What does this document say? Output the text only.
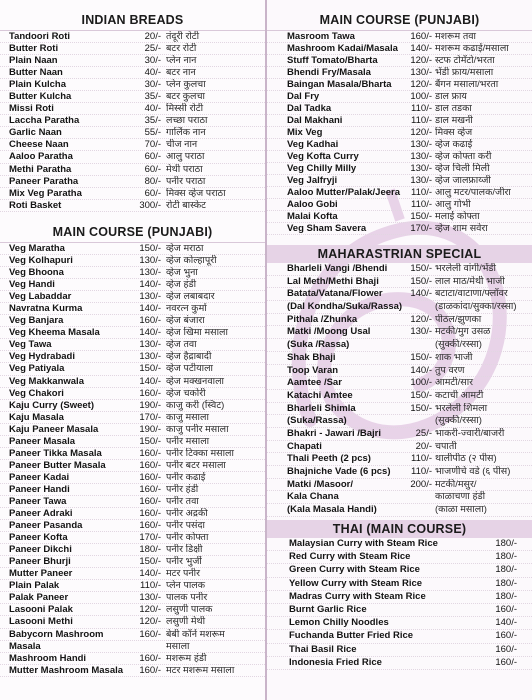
INDIAN BREADS
Tandoori Roti	20/- तंदूरी रोटी
Butter Roti	25/- बटर रोटी
Plain Naan	30/- प्लेन नान
Butter Naan	40/- बटर नान
Plain Kulcha	30/- प्लेन कुलचा
Butter Kulcha	35/- बटर कुलचा
Missi Roti	40/- मिस्सी रोटी
Laccha Paratha	35/- लच्छा पराठा
Garlic Naan	55/- गार्लिक नान
Cheese Naan	70/- चीज नान
Aaloo Paratha	60/- आलु पराठा
Methi Paratha	60/- मेथी पराठा
Paneer Paratha	80/- पनीर पराठा
Mix Veg Paratha	60/- मिक्स व्हेज पराठा
Roti Basket	300/- रोटी बास्केट
MAIN COURSE (PUNJABI)
Veg Maratha	150/- व्हेज मराठा
Veg Kolhapuri	130/- व्हेज कोल्हापूरी
Veg Bhoona	130/- व्हेज भुना
Veg Handi	140/- व्हेज हंडी
Veg Labaddar	130/- व्हेज लबाबदार
Navratna Kurma	140/- नवरत्न कुर्मा
Veg Banjara	160/- व्हेज बंजारा
Veg Kheema Masala	140/- व्हेज खिमा मसाला
Veg Tawa	130/- व्हेज तवा
Veg Hydrabadi	130/- व्हेज हैद्राबादी
Veg Patiyala	150/- व्हेज पटीयाला
Veg Makkanwala	140/- व्हेज मक्खनवाला
Veg Chakori	160/- व्हेज चकोरी
Kaju Curry (Sweet)	190/- काजु करी (स्विट)
Kaju Masala	170/- काजु मसाला
Kaju Paneer Masala	190/- काजु पनीर मसाला
Paneer Masala	150/- पनीर मसाला
Paneer Tikka Masala	160/- पनीर टिक्का मसाला
Paneer Butter Masala	160/- पनीर बटर मसाला
Paneer Kadai	160/- पनीर कढाई
Paneer Handi	160/- पनीर हंडी
Paneer Tawa	160/- पनीर तवा
Paneer Adraki	160/- पनीर अद्रकी
Paneer Pasanda	160/- पनीर पसंदा
Paneer Kofta	170/- पनीर कोफ्ता
Paneer Dikchi	180/- पनीर डिक्षी
Paneer Bhurji	150/- पनीर भुर्जी
Mutter Paneer	140/- मटर पनीर
Plain Palak	110/- प्लेन पालक
Palak Paneer	130/- पालक पनीर
Lasooni Palak	120/- लसुणी पालक
Lasooni Methi	120/- लसुणी मेथी
Babycorn Mashroom	160/- बेबी कॉर्न मशरूम
Masala	मसाला
Mashroom Handi	160/- मशरूम हंडी
Mutter Mashroom Masala	160/- मटर मशरूम मसाला
MAIN COURSE (PUNJABI)
Masroom Tawa	160/- मशरूम तवा
Mashroom Kadai/Masala	140/- मशरूम कढाई/मसाला
Stuff Tomato/Bharta	120/- स्टफ टोमॅटो/भरता
Bhendi Fry/Masala	130/- भेंडी फ्राय/मसाला
Baingan Masala/Bharta	120/- बैंगन मसाला/भरता
Dal Fry	100/- डाल फ्राय
Dal Tadka	110/- डाल तडका
Dal Makhani	110/- डाल मखनी
Mix Veg	120/- मिक्स व्हेज
Veg Kadhai	130/- व्हेज कढाई
Veg Kofta Curry	130/- व्हेज कोफ्ता करी
Veg Chilly Milly	130/- व्हेज चिली मिली
Veg Jalfryji	130/- व्हेज जालफ्राय्जी
Aaloo Mutter/Palak/Jeera	110/- आलु मटर/पालक/जीरा
Aaloo Gobi	110/- आलु गोभी
Malai Kofta	150/- मलाई कोफ्ता
Veg Sham Savera	170/- व्हेज शाम सवेरा
MAHARASTRIAN SPECIAL
Bharleli Vangi /Bhendi	150/- भरलेली वांगी/भेंडी
Lal Meth/Methi Bhaji	150/- लाल माठ/मेथी भाजी
Batata/Vatana/Flower	140/- बटाटा/वाटाणा/फ्लॉवर
(Dal Kondha/Suka/Rassa)	(डाळकांदा/सुक्का/रस्सा)
Pithala /Zhunka	120/- पीठल/झुणका
Matki /Moong Usal	130/- मटकी/मुग उसळ
(Suka /Rassa)	(सुक्की/रस्सा)
Shak Bhaji	150/- शाक भाजी
Toop Varan	140/- तुप वरण
Aamtee /Sar	100/- आमटी/सार
Katachi Amtee	150/- कटाची आमटी
Bharleli Shimla	150/- भरलेली शिमला
(Suka/Rassa)	(सुक्की/रस्सा)
Bhakri - Jawari /Bajri	25/- भाकरी-ज्वारी/बाजरी
Chapati	20/- चपाती
Thali Peeth (2 pcs)	110/- थालीपीठ (२ पीस)
Bhajniche Vade (6 pcs)	110/- भाजणीचे वडे (६ पीस)
Matki /Masoor/	200/- मटकी/मसुर/
Kala Chana	काळाचणा हंडी
(Kala Masala Handi)	(काळा मसाला)
THAI (MAIN COURSE)
Malaysian Curry with Steam Rice	180/-
Red Curry with Steam Rice	180/-
Green Curry with Steam Rice	180/-
Yellow Curry with Steam Rice	180/-
Madras Curry with Steam Rice	180/-
Burnt Garlic Rice	160/-
Lemon Chilly Noodles	140/-
Fuchanda Butter Fried Rice	160/-
Thai Basil Rice	160/-
Indonesia Fried Rice	160/-
